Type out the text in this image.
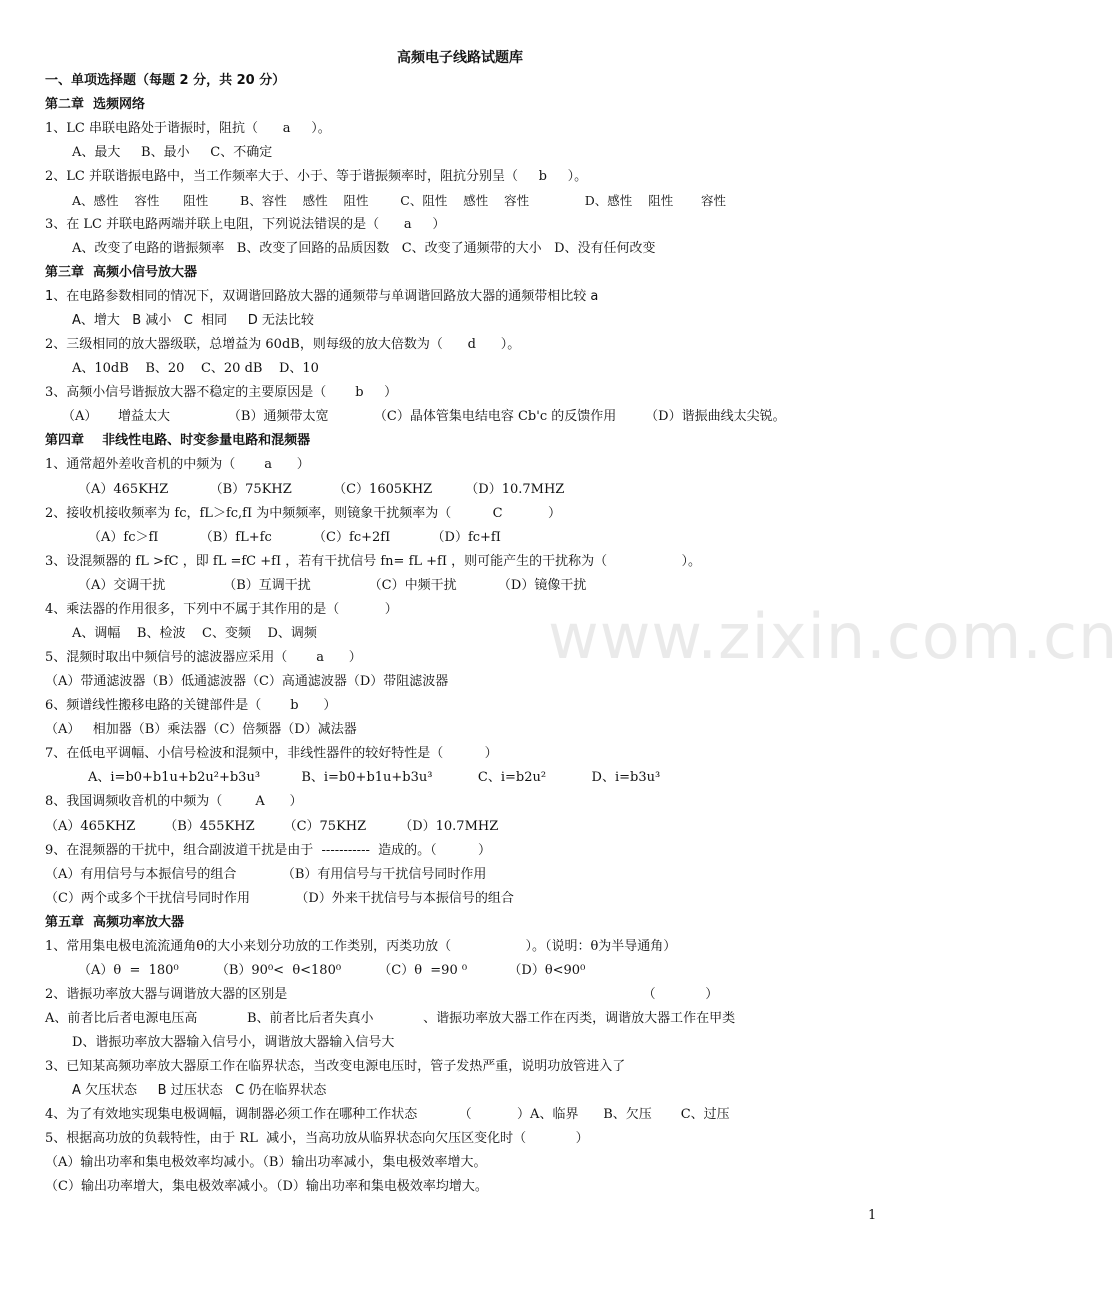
高频电子线路试题库
www.zixin.com.cn
一、单项选择题（每题 2 分，共 20 分）
第二章  选频网络
1、LC 串联电路处于谐振时，阻抗（      a     ）。
A、最大     B、最小     C、不确定
2、LC 并联谐振电路中，当工作频率大于、小于、等于谐振频率时，阻抗分别呈（     b     ）。
A、感性    容性      阻性        B、容性    感性    阻性        C、阻性    感性    容性              D、感性    阻性       容性
3、在 LC 并联电路两端并联上电阻，下列说法错误的是（      a     ）
A、改变了电路的谐振频率   B、改变了回路的品质因数   C、改变了通频带的大小   D、没有任何改变
第三章  高频小信号放大器
1、在电路参数相同的情况下，双调谐回路放大器的通频带与单调谐回路放大器的通频带相比较 a
A、增大   B 减小   C  相同     D 无法比较
2、三级相同的放大器级联，总增益为 60dB，则每级的放大倍数为（      d      ）。
A、10dB    B、20    C、20 dB    D、10
3、高频小信号谐振放大器不稳定的主要原因是（       b     ）
（A）     增益太大              （B）通频带太宽           （C）晶体管集电结电容 Cb'c 的反馈作用       （D）谐振曲线太尖锐。
第四章    非线性电路、时变参量电路和混频器
1、通常超外差收音机的中频为（       a      ）
（A）465KHZ          （B）75KHZ          （C）1605KHZ        （D）10.7MHZ
2、接收机接收频率为 fc，fL＞fc,fI 为中频频率，则镜象干扰频率为（          C           ）
（A）fc＞fI          （B）fL+fc          （C）fc+2fI          （D）fc+fI
3、设混频器的 fL >fC ，即 fL =fC +fI ，若有干扰信号 fn= fL +fI ，则可能产生的干扰称为（                  ）。
（A）交调干扰              （B）互调干扰              （C）中频干扰          （D）镜像干扰
4、乘法器的作用很多，下列中不属于其作用的是（           ）
A、调幅    B、检波    C、变频    D、调频
5、混频时取出中频信号的滤波器应采用（       a      ）
（A）带通滤波器（B）低通滤波器（C）高通滤波器（D）带阻滤波器
6、频谱线性搬移电路的关键部件是（       b      ）
（A）   相加器（B）乘法器（C）倍频器（D）减法器
7、在低电平调幅、小信号检波和混频中，非线性器件的较好特性是（          ）
A、i=b0+b1u+b2u²+b3u³          B、i=b0+b1u+b3u³           C、i=b2u²           D、i=b3u³
8、我国调频收音机的中频为（        A      ）
（A）465KHZ       （B）455KHZ       （C）75KHZ        （D）10.7MHZ
9、在混频器的干扰中，组合副波道干扰是由于  -----------  造成的。（          ）
（A）有用信号与本振信号的组合           （B）有用信号与干扰信号同时作用
（C）两个或多个干扰信号同时作用           （D）外来干扰信号与本振信号的组合
第五章  高频功率放大器
1、常用集电极电流流通角θ的大小来划分功放的工作类别，丙类功放（                  ）。（说明：θ为半导通角）
（A）θ  =  180⁰         （B）90⁰<  θ<180⁰         （C）θ  =90 ⁰          （D）θ<90⁰
2、谐振功率放大器与调谐放大器的区别是                                                                                      （            ）
A、前者比后者电源电压高            B、前者比后者失真小            、谐振功率放大器工作在丙类，调谐放大器工作在甲类
D、谐振功率放大器输入信号小，调谐放大器输入信号大
3、已知某高频功率放大器原工作在临界状态，当改变电源电压时，管子发热严重，说明功放管进入了
A 欠压状态     B 过压状态   C 仍在临界状态
4、为了有效地实现集电极调幅，调制器必须工作在哪种工作状态          （           ）A、临界      B、欠压       C、过压
5、根据高功放的负载特性，由于 RL  减小，当高功放从临界状态向欠压区变化时（            ）
（A）输出功率和集电极效率均减小。（B）输出功率减小，集电极效率增大。
（C）输出功率增大，集电极效率减小。（D）输出功率和集电极效率均增大。
1
